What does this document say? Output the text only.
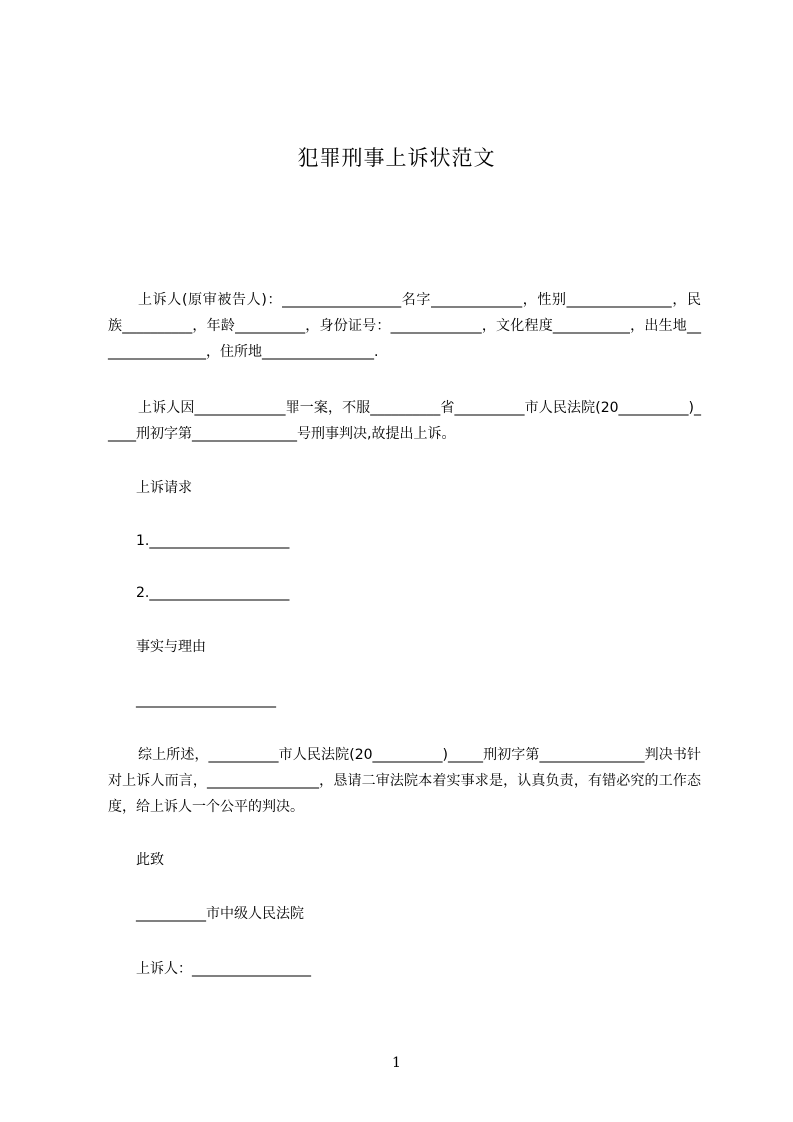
犯罪刑事上诉状范文
上诉人(原审被告人)：_________________名字_____________，性别_______________，民族__________，年龄__________，身份证号：_____________，文化程度___________，出生地________________，住所地________________.
上诉人因_____________罪一案，不服__________省__________市人民法院(20__________)_____刑初字第_______________号刑事判决,故提出上诉。
上诉请求
1.____________________
2.____________________
事实与理由
____________________
综上所述，__________市人民法院(20__________)_____刑初字第_______________判决书针对上诉人而言，________________，恳请二审法院本着实事求是，认真负责，有错必究的工作态度，给上诉人一个公平的判决。
此致
__________市中级人民法院
上诉人：_________________
1
